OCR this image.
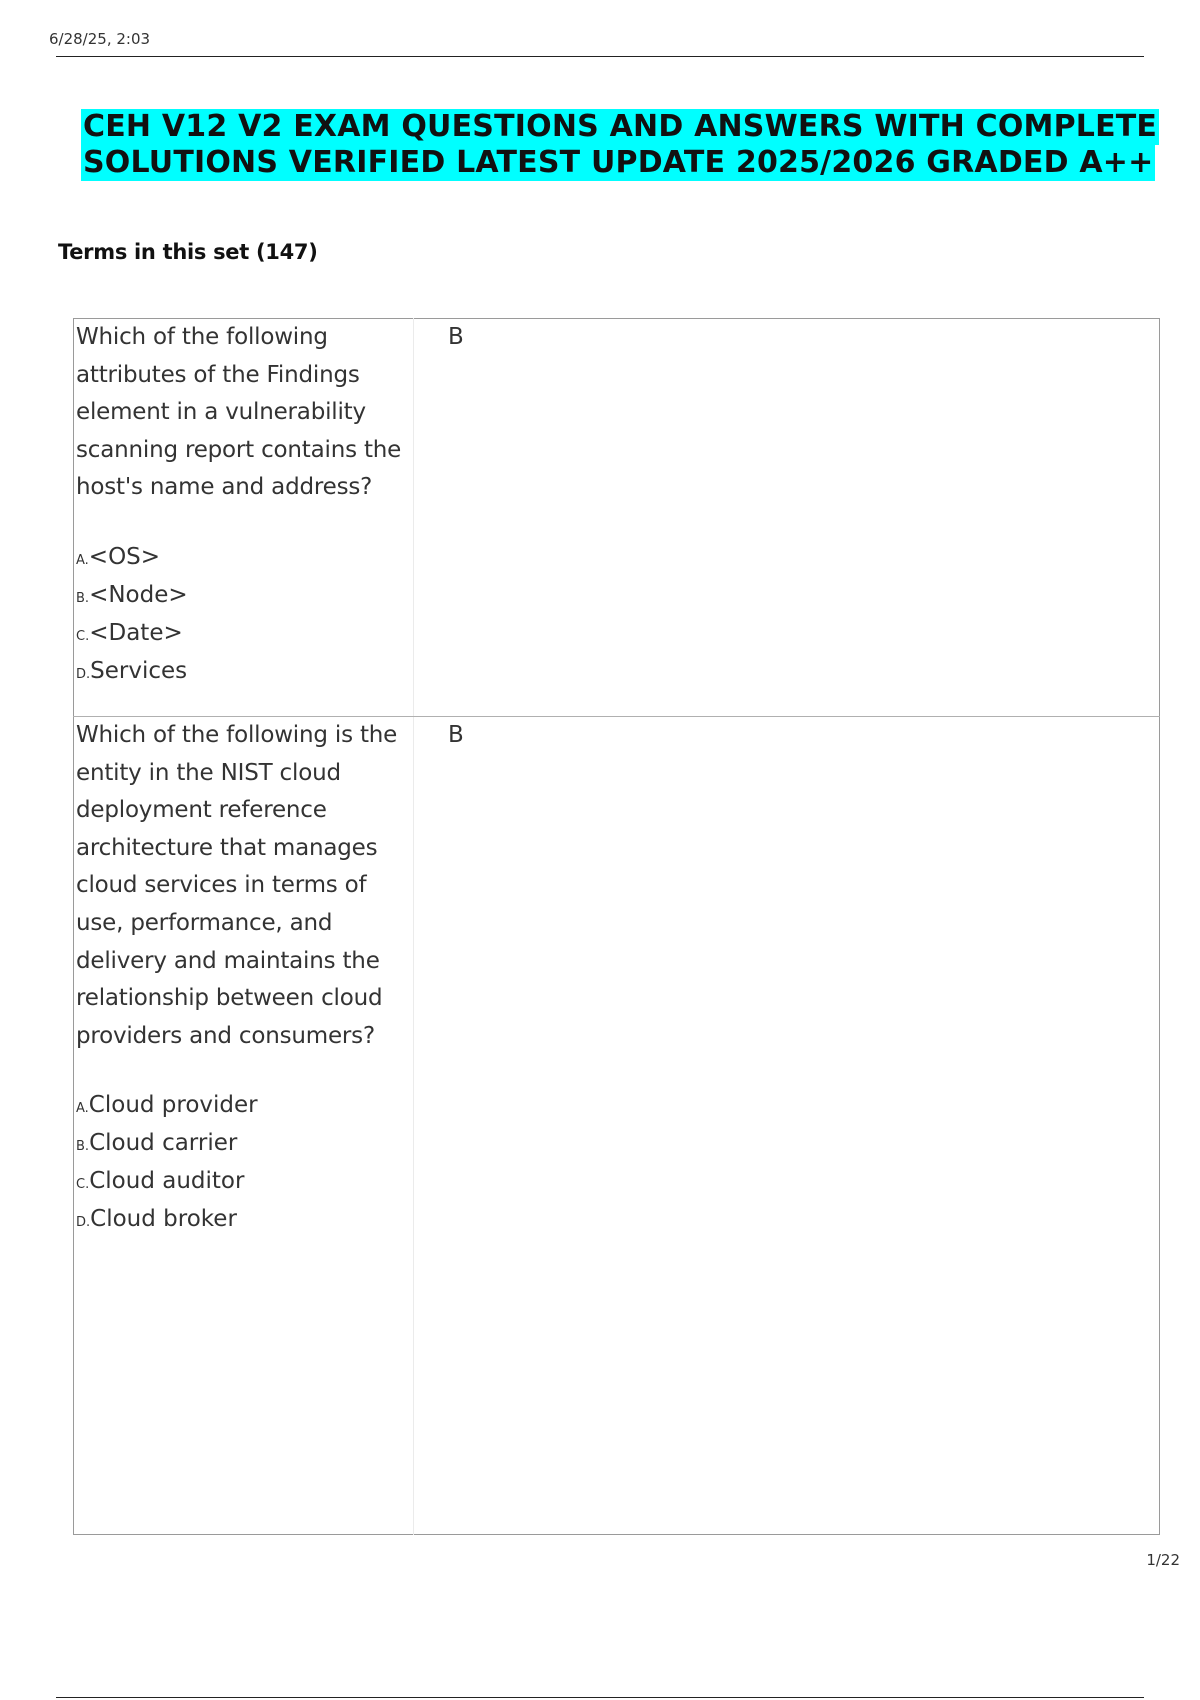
6/28/25, 2:03
CEH V12 V2 EXAM QUESTIONS AND ANSWERS WITH COMPLETE
SOLUTIONS VERIFIED LATEST UPDATE 2025/2026 GRADED A++
Terms in this set (147)
Which of the following attributes of the Findings element in a vulnerability scanning report contains the host's name and address?
A.<OS>
B.<Node>
C.<Date>
D.Services	B

Which of the following is the entity in the NIST cloud deployment reference architecture that manages cloud services in terms of use, performance, and delivery and maintains the relationship between cloud providers and consumers?
A.Cloud provider
B.Cloud carrier
C.Cloud auditor
D.Cloud broker	B
1/22
